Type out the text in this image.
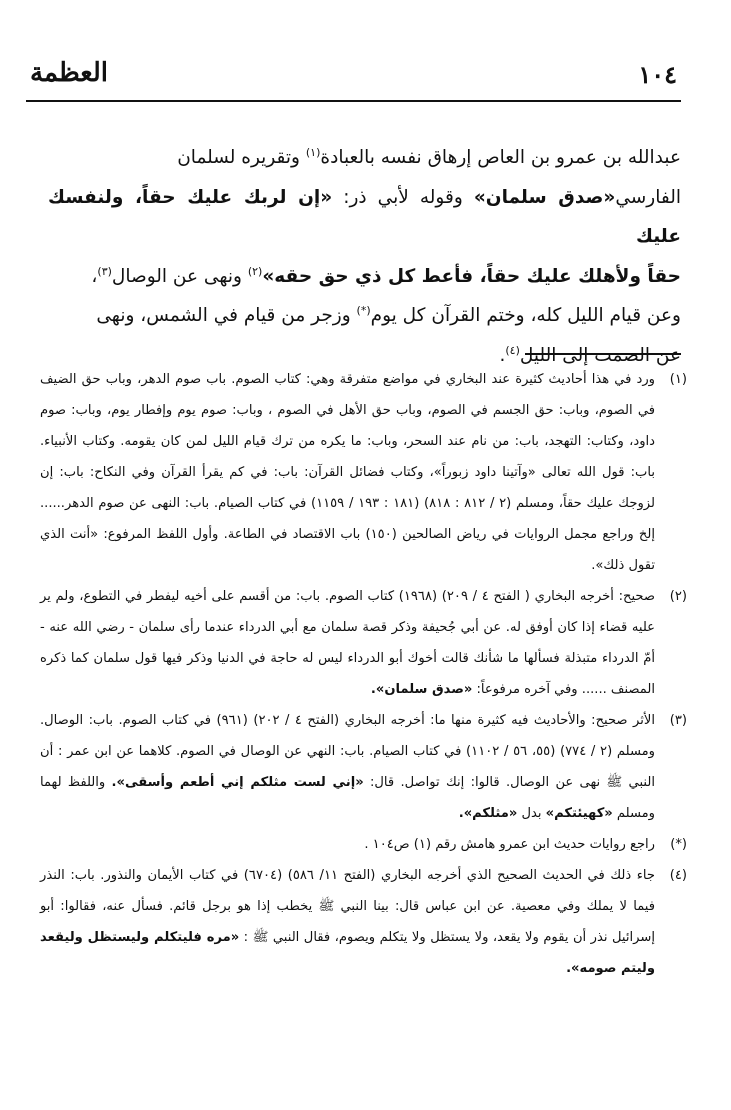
العظمة	١٠٤

عبدالله بن عمرو بن العاص إرهاق نفسه بالعبادة$^{(١)}$ وتقريره لسلمان

الفارسي«صدق سلمان» وقوله لأبي ذر: «إن لربك عليك حقاً، ولنفسك عليك

حقاً ولأهلك عليك حقاً، فأعط كل ذي حق حقه»$^{(٢)}$ ونهى عن الوصال$^{(٣)}$،

وعن قيام الليل كله، وختم القرآن كل يوم(*) وزجر من قيام في الشمس، ونهى

عن الصمت إلى الليل$^{(٤)}$.

(١)
ورد في هذا أحاديث كثيرة عند البخاري في مواضع متفرقة وهي: كتاب الصوم. باب صوم الدهر، وباب حق الضيف في الصوم، وباب: حق الجسم في الصوم، وباب حق الأهل في الصوم ، وباب: صوم يوم وإفطار يوم، وباب: صوم داود، وكتاب: التهجد، باب: من نام عند السحر، وباب: ما يكره من ترك قيام الليل لمن كان يقومه. وكتاب الأنبياء. باب: قول الله تعالى «وآتينا داود زبوراً»، وكتاب فضائل القرآن: باب: في كم يقرأ القرآن وفي النكاح: باب: إن لزوجك عليك حقاً، ومسلم (٢ / ٨١٢ : ٨١٨) (١٨١ : ١٩٣ / ١١٥٩) في كتاب الصيام. باب: النهى عن صوم الدهر...... إلخ وراجع مجمل الروايات في رياض الصالحين (١٥٠) باب الاقتصاد في الطاعة. وأول اللفظ المرفوع: «أنت الذي تقول ذلك».

(٢)
صحيح: أخرجه البخاري ( الفتح ٤ / ٢٠٩) (١٩٦٨) كتاب الصوم. باب: من أقسم على أخيه ليفطر في التطوع، ولم ير عليه قضاء إذا كان أوفق له. عن أبي جُحيفة وذكر قصة سلمان مع أبي الدرداء عندما رأى سلمان - رضي الله عنه - أمّ الدرداء متبذلة فسألها ما شأنك قالت أخوك أبو الدرداء ليس له حاجة في الدنيا وذكر فيها قول سلمان كما ذكره المصنف ...... وفي آخره مرفوعاً: «صدق سلمان».

(٣)
الأثر صحيح: والأحاديث فيه كثيرة منها ما: أخرجه البخاري (الفتح ٤ / ٢٠٢) (٩٦١) في كتاب الصوم. باب: الوصال. ومسلم (٢ / ٧٧٤) (٥٥، ٥٦ / ١١٠٢) في كتاب الصيام. باب: النهي عن الوصال في الصوم. كلاهما عن ابن عمر : أن النبي ﷺ نهى عن الوصال. قالوا: إنك تواصل. قال: «إني لست مثلكم إني أطعم وأسقى». واللفظ لهما ومسلم «كهيئتكم» بدل «مثلكم».

(*)
راجع روايات حديث ابن عمرو هامش رقم (١) ص١٠٤ .

(٤)
جاء ذلك في الحديث الصحيح الذي أخرجه البخاري (الفتح ١١/ ٥٨٦) (٦٧٠٤) في كتاب الأيمان والنذور. باب: النذر فيما لا يملك وفي معصية. عن ابن عباس قال: بينا النبي ﷺ يخطب إذا هو برجل قائم. فسأل عنه، فقالوا: أبو إسرائيل نذر أن يقوم ولا يقعد، ولا يستظل ولا يتكلم ويصوم، فقال النبي ﷺ : «مره فليتكلم وليستظل وليقعد وليتم صومه».
